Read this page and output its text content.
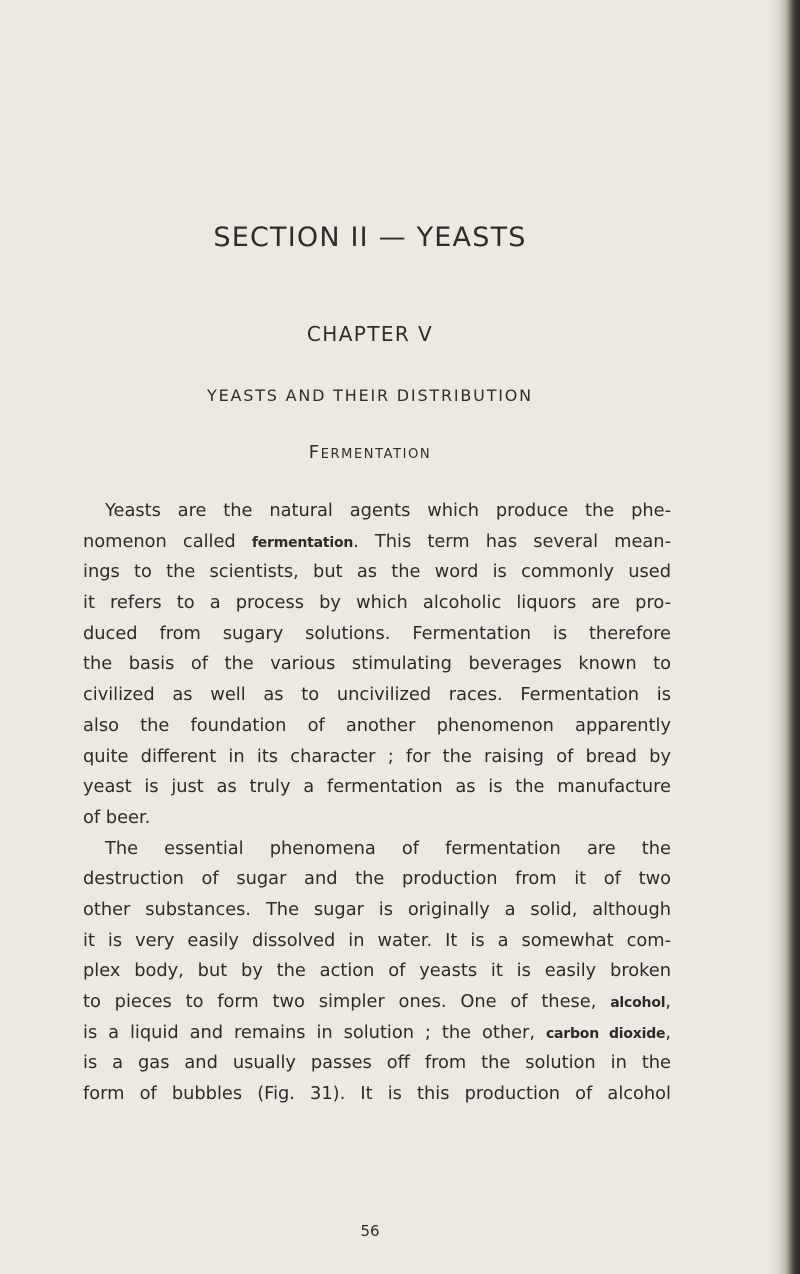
SECTION II — YEASTS
CHAPTER V
YEASTS AND THEIR DISTRIBUTION
Fermentation
Yeasts are the natural agents which produce the phe-
nomenon called fermentation. This term has several mean-
ings to the scientists, but as the word is commonly used
it refers to a process by which alcoholic liquors are pro-
duced from sugary solutions. Fermentation is therefore
the basis of the various stimulating beverages known to
civilized as well as to uncivilized races. Fermentation is
also the foundation of another phenomenon apparently
quite different in its character ; for the raising of bread by
yeast is just as truly a fermentation as is the manufacture
of beer.
The essential phenomena of fermentation are the
destruction of sugar and the production from it of two
other substances. The sugar is originally a solid, although
it is very easily dissolved in water. It is a somewhat com-
plex body, but by the action of yeasts it is easily broken
to pieces to form two simpler ones. One of these, alcohol,
is a liquid and remains in solution ; the other, carbon dioxide,
is a gas and usually passes off from the solution in the
form of bubbles (Fig. 31). It is this production of alcohol
56
